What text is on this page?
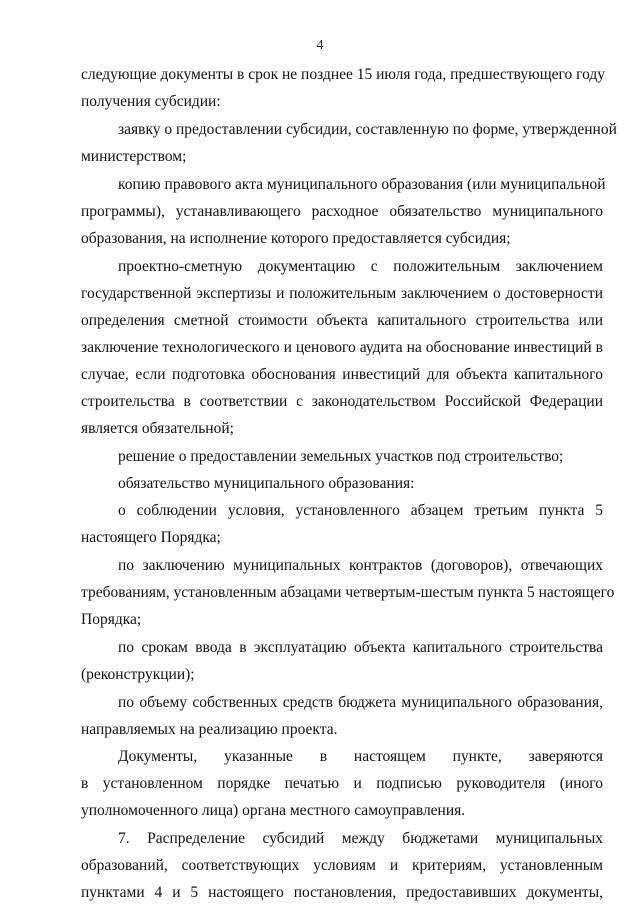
4
следующие документы в срок не позднее 15 июля года, предшествующего году
получения субсидии:
заявку о предоставлении субсидии, составленную по форме, утвержденной
министерством;
копию правового акта муниципального образования (или муниципальной
программы), устанавливающего расходное обязательство муниципального
образования, на исполнение которого предоставляется субсидия;
проектно-сметную документацию с положительным заключением
государственной экспертизы и положительным заключением о достоверности
определения сметной стоимости объекта капитального строительства или
заключение технологического и ценового аудита на обоснование инвестиций в
случае, если подготовка обоснования инвестиций для объекта капитального
строительства в соответствии с законодательством Российской Федерации
является обязательной;
решение о предоставлении земельных участков под строительство;
обязательство муниципального образования:
о соблюдении условия, установленного абзацем третьим пункта 5
настоящего Порядка;
по заключению муниципальных контрактов (договоров), отвечающих
требованиям, установленным абзацами четвертым-шестым пункта 5 настоящего
Порядка;
по срокам ввода в эксплуатацию объекта капитального строительства
(реконструкции);
по объему собственных средств бюджета муниципального образования,
направляемых на реализацию проекта.
Документы, указанные в настоящем пункте, заверяются
в установленном порядке печатью и подписью руководителя (иного
уполномоченного лица) органа местного самоуправления.
7. Распределение субсидий между бюджетами муниципальных
образований, соответствующих условиям и критериям, установленным
пунктами 4 и 5 настоящего постановления, предоставивших документы,
